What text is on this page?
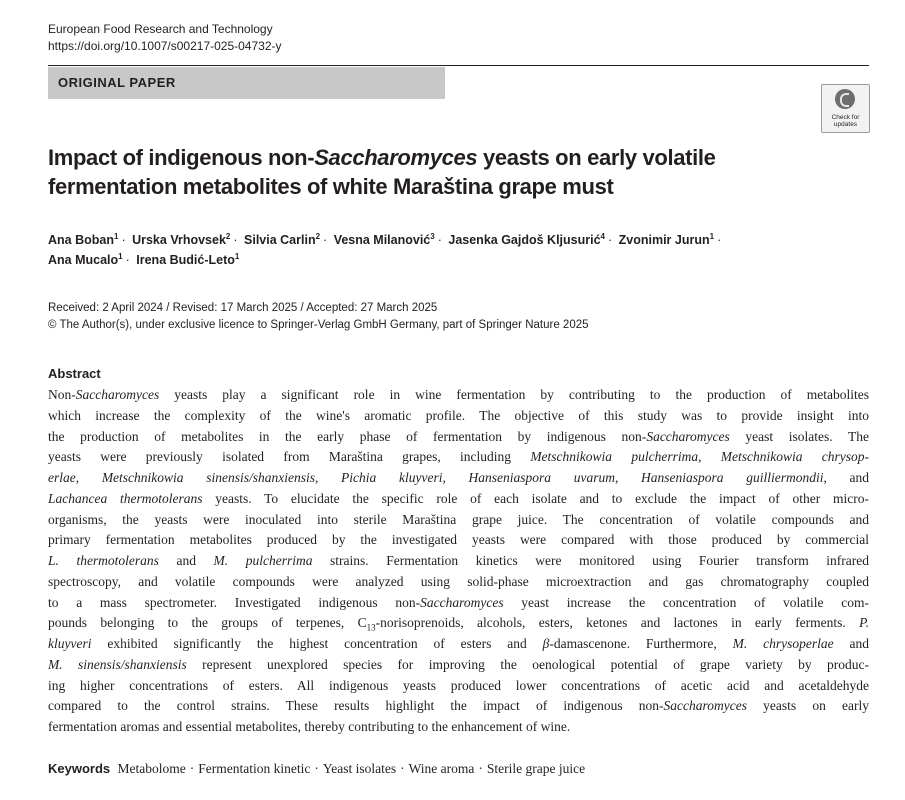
European Food Research and Technology
https://doi.org/10.1007/s00217-025-04732-y
ORIGINAL PAPER
Check for
updates
Impact of indigenous non-Saccharomyces yeasts on early volatile
fermentation metabolites of white Maraština grape must
Ana Boban$^1$ · Urska Vrhovsek$^2$ · Silvia Carlin$^2$ · Vesna Milanović$^3$ · Jasenka Gajdoš Kljusurić$^4$ · Zvonimir Jurun$^1$ ·
Ana Mucalo$^1$ · Irena Budić-Leto$^1$
Received: 2 April 2024 / Revised: 17 March 2025 / Accepted: 27 March 2025
© The Author(s), under exclusive licence to Springer-Verlag GmbH Germany, part of Springer Nature 2025
Abstract
Non-Saccharomyces yeasts play a significant role in wine fermentation by contributing to the production of metabolites
which increase the complexity of the wine's aromatic profile. The objective of this study was to provide insight into
the production of metabolites in the early phase of fermentation by indigenous non-Saccharomyces yeast isolates. The
yeasts were previously isolated from Maraština grapes, including Metschnikowia pulcherrima, Metschnikowia chrysop-
erlae, Metschnikowia sinensis/shanxiensis, Pichia kluyveri, Hanseniaspora uvarum, Hanseniaspora guilliermondii, and
Lachancea thermotolerans yeasts. To elucidate the specific role of each isolate and to exclude the impact of other micro-
organisms, the yeasts were inoculated into sterile Maraština grape juice. The concentration of volatile compounds and
primary fermentation metabolites produced by the investigated yeasts were compared with those produced by commercial
L. thermotolerans and M. pulcherrima strains. Fermentation kinetics were monitored using Fourier transform infrared
spectroscopy, and volatile compounds were analyzed using solid-phase microextraction and gas chromatography coupled
to a mass spectrometer. Investigated indigenous non-Saccharomyces yeast increase the concentration of volatile com-
pounds belonging to the groups of terpenes, $C_{13}$-norisoprenoids, alcohols, esters, ketones and lactones in early ferments. P.
kluyveri exhibited significantly the highest concentration of esters and β-damascenone. Furthermore, M. chrysoperlae and
M. sinensis/shanxiensis represent unexplored species for improving the oenological potential of grape variety by produc-
ing higher concentrations of esters. All indigenous yeasts produced lower concentrations of acetic acid and acetaldehyde
compared to the control strains. These results highlight the impact of indigenous non-Saccharomyces yeasts on early
fermentation aromas and essential metabolites, thereby contributing to the enhancement of wine.
Keywords Metabolome · Fermentation kinetic · Yeast isolates · Wine aroma · Sterile grape juice
